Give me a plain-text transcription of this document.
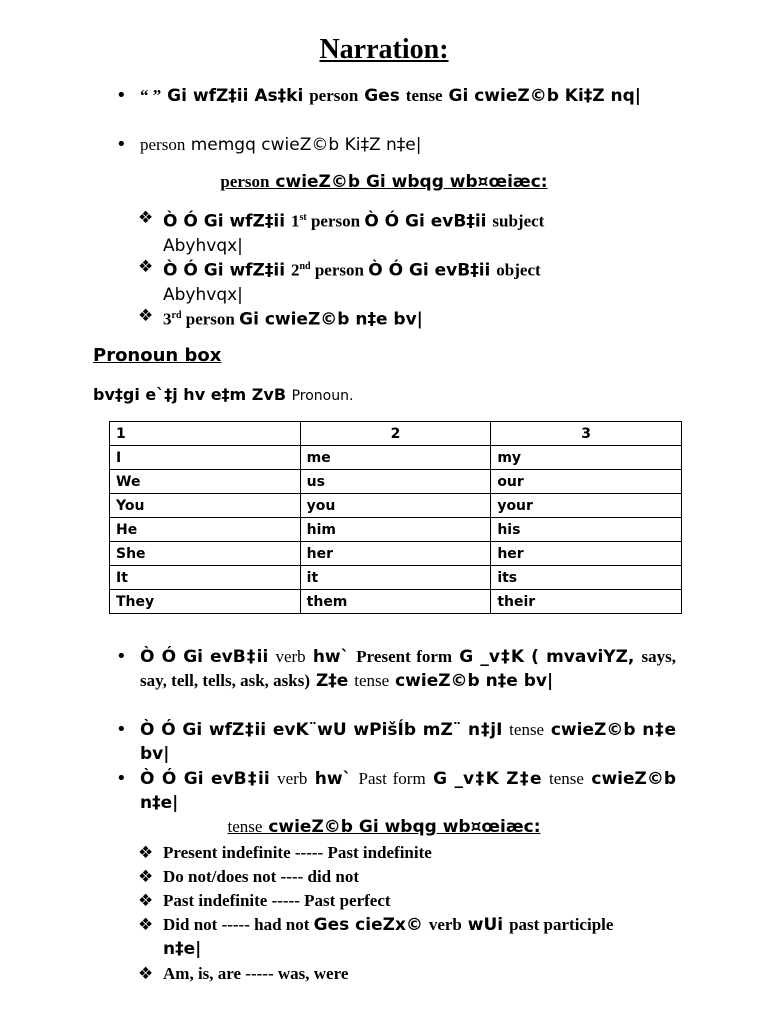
Narration:
• “ ” Gi wfZ‡ii As‡ki person Ges tense Gi cwieZ©b Ki‡Z nq|
• person memgq cwieZ©b Ki‡Z n‡e|
person cwieZ©b Gi wbqg wb¤œiæc:
❖ Ò Ó Gi wfZ‡ii 1st person Ò Ó Gi evB‡ii subject
Abyhvqx|
❖ Ò Ó Gi wfZ‡ii 2nd person Ò Ó Gi evB‡ii object
Abyhvqx|
❖ 3rd person Gi cwieZ©b n‡e bv|
Pronoun box
bv‡gi e`‡j hv e‡m ZvB Pronoun.
1	2	3
I	me	my
We	us	our
You	you	your
He	him	his
She	her	her
It	it	its
They	them	their
• Ò Ó Gi evB‡ii verb hw` Present form G _v‡K ( mvaviYZ, says, say, tell, tells, ask, asks) Z‡e tense cwieZ©b n‡e bv|
• Ò Ó Gi wfZ‡ii evK¨wU wPišÍb mZ¨ n‡jI tense cwieZ©b n‡e bv|
• Ò Ó Gi evB‡ii verb hw` Past form G _v‡K Z‡e tense cwieZ©b n‡e|
tense cwieZ©b Gi wbqg wb¤œiæc:
❖ Present indefinite ----- Past indefinite
❖ Do not/does not ---- did not
❖ Past indefinite ----- Past perfect
❖ Did not ----- had not Ges cieZx© verb wUi past participle
n‡e|
❖ Am, is, are ----- was, were
